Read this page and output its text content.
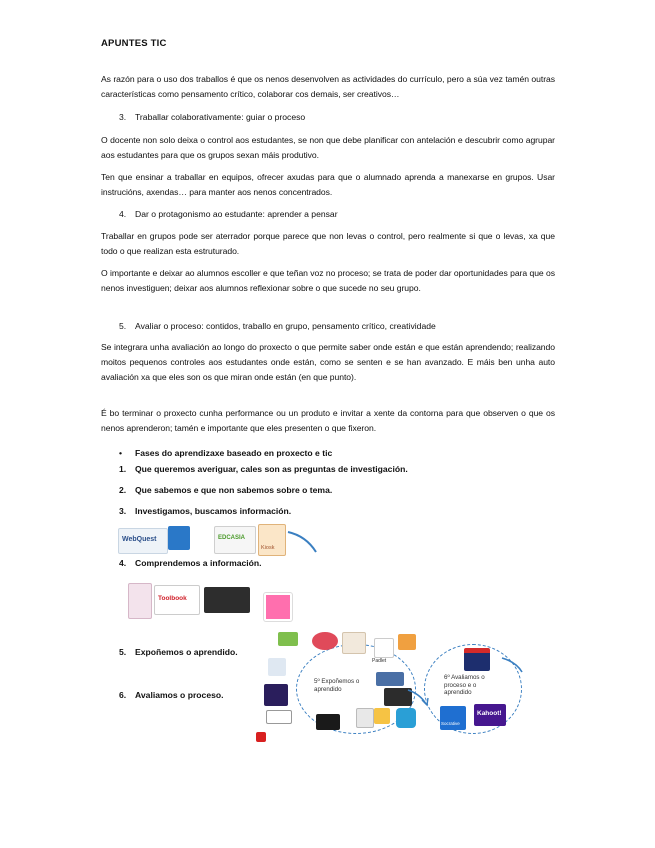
APUNTES TIC
As razón para o uso dos traballos é que os nenos desenvolven as actividades do currículo, pero a súa vez tamén outras características como pensamento crítico, colaborar cos demais, ser creativos…
3. Traballar colaborativamente: guiar o proceso
O docente non solo deixa o control aos estudantes, se non que debe planificar con antelación e descubrir como agrupar aos estudantes para que os grupos sexan máis produtivo.
Ten que ensinar a traballar en equipos, ofrecer axudas para que o alumnado aprenda a manexarse en grupos. Usar instrucións, axendas… para manter aos nenos concentrados.
4. Dar o protagonismo ao estudante: aprender a pensar
Traballar en grupos pode ser aterrador porque parece que non levas o control, pero realmente si que o levas, xa que todo o que realizan esta estruturado.
O importante e deixar ao alumnos escoller e que teñan voz no proceso; se trata de poder dar oportunidades para que os nenos investiguen; deixar aos alumnos reflexionar sobre o que sucede no seu grupo.
5. Avaliar o proceso: contidos, traballo en grupo, pensamento crítico, creatividade
Se integrara unha avaliación ao longo do proxecto o que permite saber onde están e que están aprendendo; realizando moitos pequenos controles aos estudantes onde están, como se senten e se han avanzado. E máis ben unha auto avaliación xa que eles son os que miran onde están (en que punto).
É bo terminar o proxecto cunha performance ou un produto e invitar a xente da contorna para que observen o que os nenos aprenderon; tamén e importante que eles presenten o que fixeron.
• Fases do aprendizaxe baseado en proxecto e tic
1. Que queremos averiguar, cales son as preguntas de investigación.
2. Que sabemos e que non sabemos sobre o tema.
3. Investigamos, buscamos información.
WebQuest	EDCASIA
Kiosk
4. Comprendemos a información.
Toolbook
5. Expoñemos o aprendido.
6. Avaliamos o proceso.
5º Expoñemos o aprendido
6º Avaliamos o proceso e o aprendido
Padlet
Socrative
Kahoot!
